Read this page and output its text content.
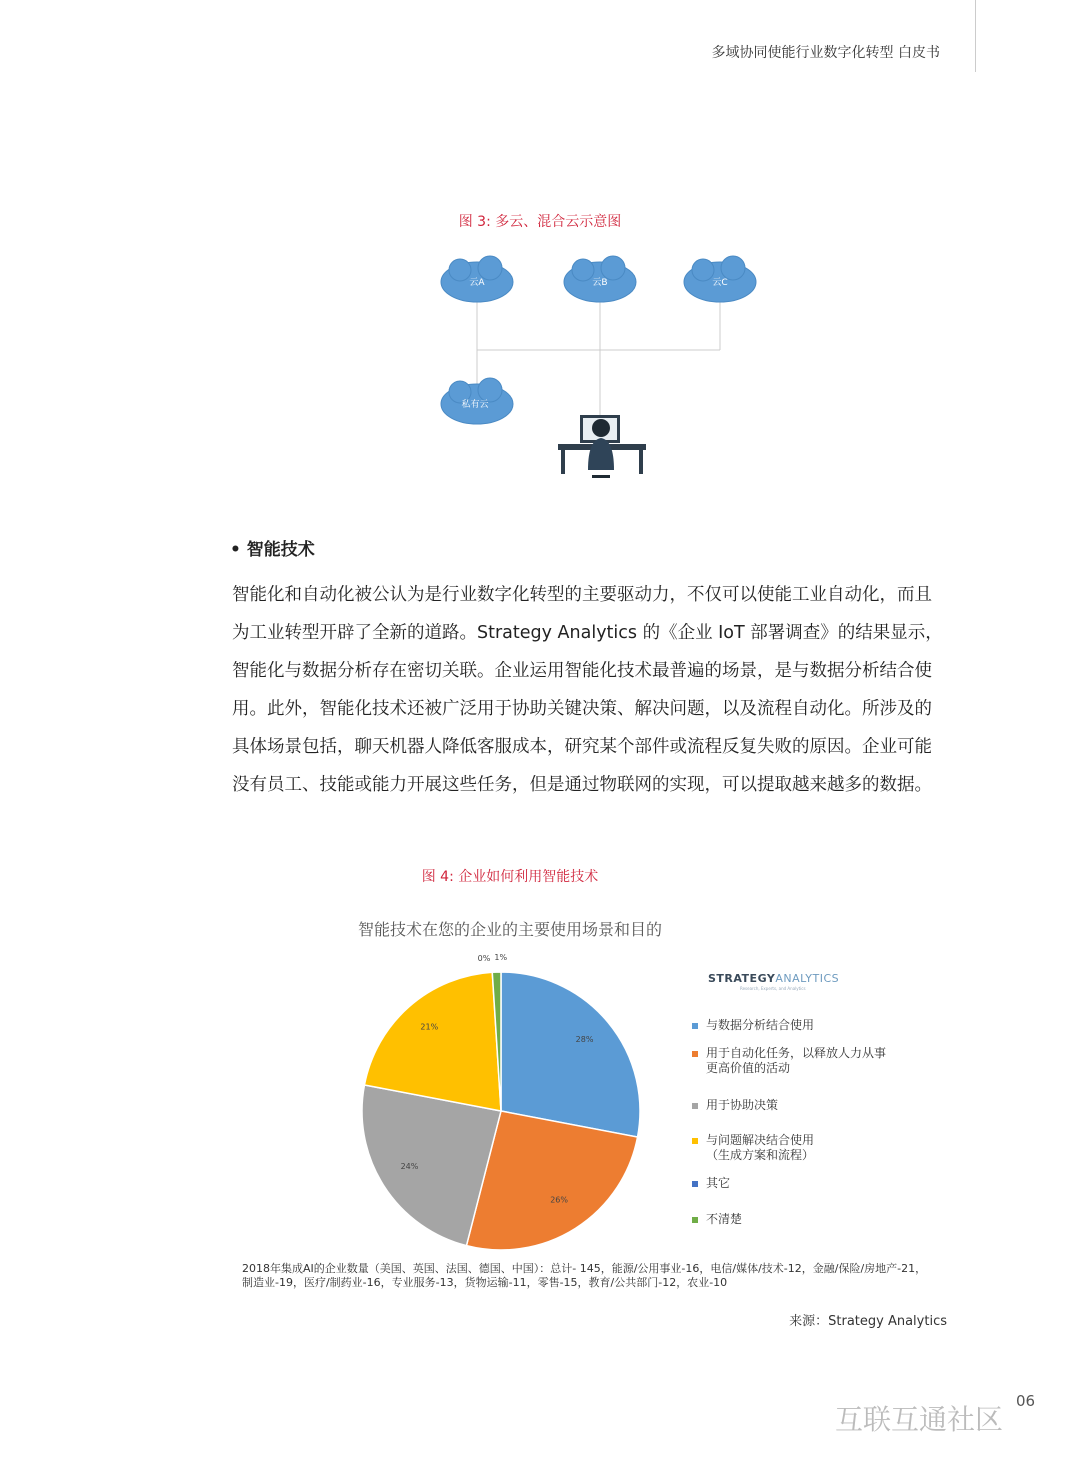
多域协同使能行业数字化转型 白皮书
图 3: 多云、混合云示意图
云A	云B	云C
私有云
• 智能技术
智能化和自动化被公认为是行业数字化转型的主要驱动力，不仅可以使能工业自动化，而且
为工业转型开辟了全新的道路。Strategy Analytics 的《企业 IoT 部署调查》的结果显示，
智能化与数据分析存在密切关联。企业运用智能化技术最普遍的场景，是与数据分析结合使
用。此外，智能化技术还被广泛用于协助关键决策、解决问题，以及流程自动化。所涉及的
具体场景包括，聊天机器人降低客服成本，研究某个部件或流程反复失败的原因。企业可能
没有员工、技能或能力开展这些任务，但是通过物联网的实现，可以提取越来越多的数据。
图 4: 企业如何利用智能技术
智能技术在您的企业的主要使用场景和目的
28%
26%
24%
21%
0% 1%
STRATEGYANALYTICS
Research, Experts, and Analytics
与数据分析结合使用
用于自动化任务，以释放人力从事
更高价值的活动
用于协助决策
与问题解决结合使用
（生成方案和流程）
其它
不清楚
2018年集成AI的企业数量（美国、英国、法国、德国、中国）：总计- 145，能源/公用事业-16，电信/媒体/技术-12，金融/保险/房地产-21，
制造业-19，医疗/制药业-16，专业服务-13，货物运输-11，零售-15，教育/公共部门-12，农业-10
来源：Strategy Analytics
互联互通社区
06
